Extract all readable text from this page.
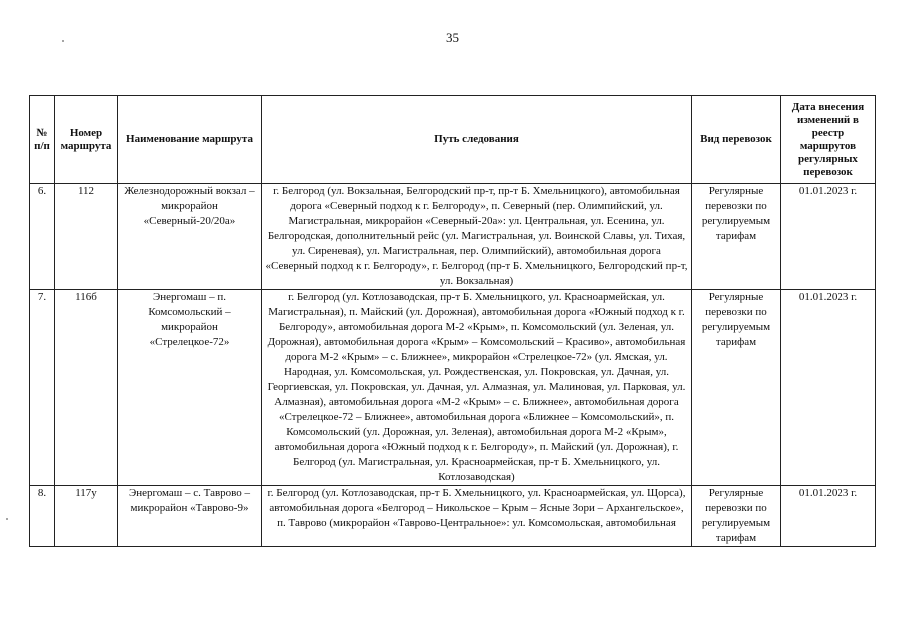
35
№ п/п	Номер маршрута	Наименование маршрута	Путь следования	Вид перевозок	Дата внесения изменений в реестр маршрутов регулярных перевозок
6.	112	Железнодорожный вокзал – микрорайон «Северный-20/20а»	г. Белгород (ул. Вокзальная, Белгородский пр-т, пр-т Б. Хмельницкого), автомобильная дорога «Северный подход к г. Белгороду», п. Северный (пер. Олимпийский, ул. Магистральная, микрорайон «Северный-20а»: ул. Центральная, ул. Есенина, ул. Белгородская, дополнительный рейс (ул. Магистральная, ул. Воинской Славы, ул. Тихая, ул. Сиреневая), ул. Магистральная, пер. Олимпийский), автомобильная дорога «Северный подход к г. Белгороду», г. Белгород (пр-т Б. Хмельницкого, Белгородский пр-т, ул. Вокзальная)	Регулярные перевозки по регулируемым тарифам	01.01.2023 г.
7.	116б	Энергомаш – п. Комсомольский – микрорайон «Стрелецкое-72»	г. Белгород (ул. Котлозаводская, пр-т Б. Хмельницкого, ул. Красноармейская, ул. Магистральная), п. Майский (ул. Дорожная), автомобильная дорога «Южный подход к г. Белгороду», автомобильная дорога М-2 «Крым», п. Комсомольский (ул. Зеленая, ул. Дорожная), автомобильная дорога «Крым» – Комсомольский – Красиво», автомобильная дорога М-2 «Крым» – с. Ближнее», микрорайон «Стрелецкое-72» (ул. Ямская, ул. Народная, ул. Комсомольская, ул. Рождественская, ул. Покровская, ул. Дачная, ул. Георгиевская, ул. Покровская, ул. Дачная, ул. Алмазная, ул. Малиновая, ул. Парковая, ул. Алмазная), автомобильная дорога «М-2 «Крым» – с. Ближнее», автомобильная дорога «Стрелецкое-72 – Ближнее», автомобильная дорога «Ближнее – Комсомольский», п. Комсомольский (ул. Дорожная, ул. Зеленая), автомобильная дорога М-2 «Крым», автомобильная дорога «Южный подход к г. Белгороду», п. Майский (ул. Дорожная), г. Белгород (ул. Магистральная, ул. Красноармейская, пр-т Б. Хмельницкого, ул. Котлозаводская)	Регулярные перевозки по регулируемым тарифам	01.01.2023 г.
8.	117у	Энергомаш – с. Таврово – микрорайон «Таврово-9»	г. Белгород (ул. Котлозаводская, пр-т Б. Хмельницкого, ул. Красноармейская, ул. Щорса), автомобильная дорога «Белгород – Никольское – Крым – Ясные Зори – Архангельское», п. Таврово (микрорайон «Таврово-Центральное»: ул. Комсомольская, автомобильная	Регулярные перевозки по регулируемым тарифам	01.01.2023 г.
